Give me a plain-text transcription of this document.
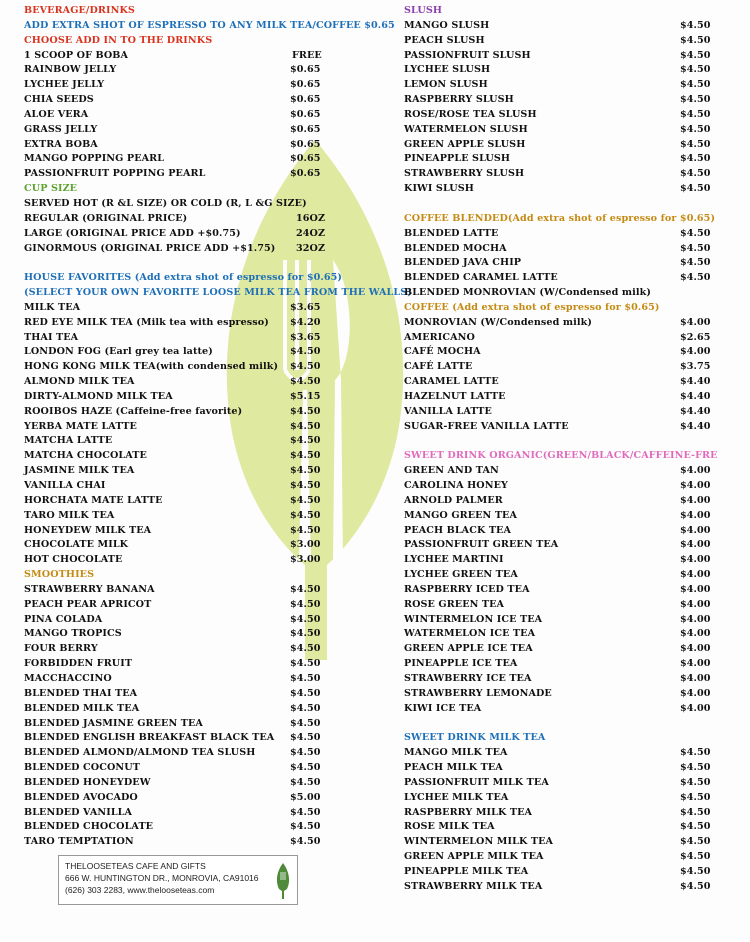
BEVERAGE/DRINKS
ADD EXTRA SHOT OF ESPRESSO TO ANY MILK TEA/COFFEE $0.65
CHOOSE ADD IN TO THE DRINKS
1 SCOOP OF BOBA	FREE
RAINBOW JELLY	$0.65
LYCHEE JELLY	$0.65
CHIA SEEDS	$0.65
ALOE VERA	$0.65
GRASS JELLY	$0.65
EXTRA BOBA	$0.65
MANGO POPPING PEARL	$0.65
PASSIONFRUIT POPPING PEARL	$0.65
CUP SIZE
SERVED HOT (R &L SIZE) OR COLD (R, L &G SIZE)
REGULAR (ORIGINAL PRICE)	16OZ
LARGE (ORIGINAL PRICE ADD +$0.75)	24OZ
GINORMOUS (ORIGINAL PRICE ADD +$1.75) 32OZ
HOUSE FAVORITES (Add extra shot of espresso for $0.65)
(SELECT YOUR OWN FAVORITE LOOSE MILK TEA FROM THE WALLS)
MILK TEA	$3.65
RED EYE MILK TEA (Milk tea with espresso) $4.20
THAI TEA	$3.65
LONDON FOG (Earl grey tea latte)	$4.50
HONG KONG MILK TEA(with condensed milk) $4.50
ALMOND MILK TEA	$4.50
DIRTY-ALMOND MILK TEA	$5.15
ROOIBOS HAZE (Caffeine-free favorite)	$4.50
YERBA MATE LATTE	$4.50
MATCHA LATTE	$4.50
MATCHA CHOCOLATE	$4.50
JASMINE MILK TEA	$4.50
VANILLA CHAI	$4.50
HORCHATA MATE LATTE	$4.50
TARO MILK TEA	$4.50
HONEYDEW MILK TEA	$4.50
CHOCOLATE MILK	$3.00
HOT CHOCOLATE	$3.00
SMOOTHIES
STRAWBERRY BANANA	$4.50
PEACH PEAR APRICOT	$4.50
PINA COLADA	$4.50
MANGO TROPICS	$4.50
FOUR BERRY	$4.50
FORBIDDEN FRUIT	$4.50
MACCHACCINO	$4.50
BLENDED THAI TEA	$4.50
BLENDED MILK TEA	$4.50
BLENDED JASMINE GREEN TEA	$4.50
BLENDED ENGLISH BREAKFAST BLACK TEA $4.50
BLENDED ALMOND/ALMOND TEA SLUSH	$4.50
BLENDED COCONUT	$4.50
BLENDED HONEYDEW	$4.50
BLENDED AVOCADO	$5.00
BLENDED VANILLA	$4.50
BLENDED CHOCOLATE	$4.50
TARO TEMPTATION	$4.50
SLUSH
MANGO SLUSH	$4.50
PEACH SLUSH	$4.50
PASSIONFRUIT SLUSH	$4.50
LYCHEE SLUSH	$4.50
LEMON SLUSH	$4.50
RASPBERRY SLUSH	$4.50
ROSE/ROSE TEA SLUSH	$4.50
WATERMELON SLUSH	$4.50
GREEN APPLE SLUSH	$4.50
PINEAPPLE SLUSH	$4.50
STRAWBERRY SLUSH	$4.50
KIWI SLUSH	$4.50
COFFEE BLENDED(Add extra shot of espresso for $0.65)
BLENDED LATTE	$4.50
BLENDED MOCHA	$4.50
BLENDED JAVA CHIP	$4.50
BLENDED CARAMEL LATTE	$4.50
BLENDED MONROVIAN (W/Condensed milk)
COFFEE (Add extra shot of espresso for $0.65)
MONROVIAN (W/Condensed milk)	$4.00
AMERICANO	$2.65
CAFÉ MOCHA	$4.00
CAFÉ LATTE	$3.75
CARAMEL LATTE	$4.40
HAZELNUT LATTE	$4.40
VANILLA LATTE	$4.40
SUGAR-FREE VANILLA LATTE	$4.40
SWEET DRINK ORGANIC(GREEN/BLACK/CAFFEINE-FRE
GREEN AND TAN	$4.00
CAROLINA HONEY	$4.00
ARNOLD PALMER	$4.00
MANGO GREEN TEA	$4.00
PEACH BLACK TEA	$4.00
PASSIONFRUIT GREEN TEA	$4.00
LYCHEE MARTINI	$4.00
LYCHEE GREEN TEA	$4.00
RASPBERRY ICED TEA	$4.00
ROSE GREEN TEA	$4.00
WINTERMELON ICE TEA	$4.00
WATERMELON ICE TEA	$4.00
GREEN APPLE ICE TEA	$4.00
PINEAPPLE ICE TEA	$4.00
STRAWBERRY ICE TEA	$4.00
STRAWBERRY LEMONADE	$4.00
KIWI ICE TEA	$4.00
SWEET DRINK MILK TEA
MANGO MILK TEA	$4.50
PEACH MILK TEA	$4.50
PASSIONFRUIT MILK TEA	$4.50
LYCHEE MILK TEA	$4.50
RASPBERRY MILK TEA	$4.50
ROSE MILK TEA	$4.50
WINTERMELON MILK TEA	$4.50
GREEN APPLE MILK TEA	$4.50
PINEAPPLE MILK TEA	$4.50
STRAWBERRY MILK TEA	$4.50
THELOOSETEAS CAFE AND GIFTS
666 W. HUNTINGTON DR., MONROVIA, CA91016
(626) 303 2283, www.thelooseteas.com
